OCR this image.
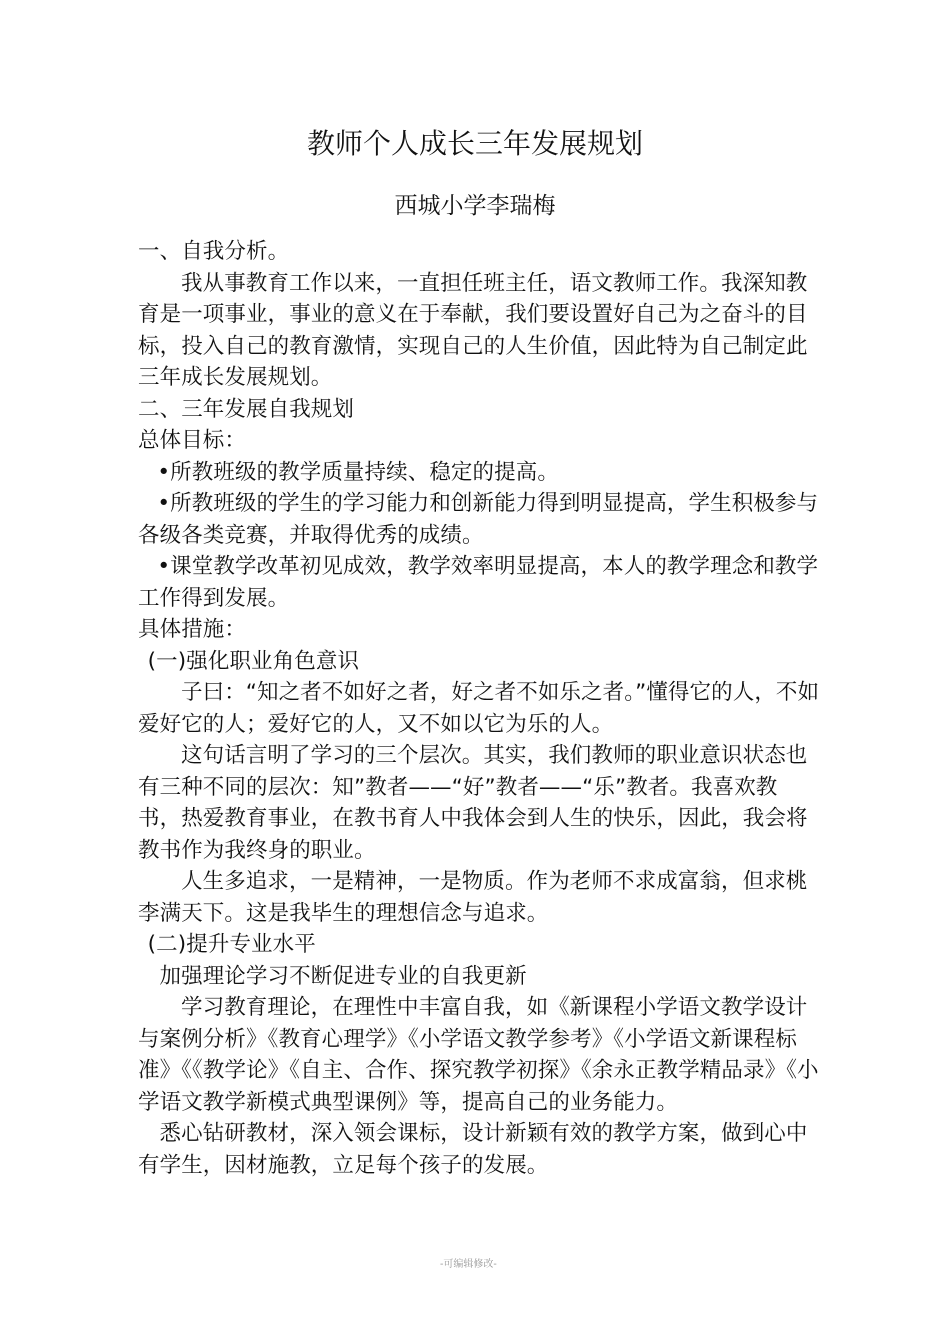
教师个人成长三年发展规划
西城小学李瑞梅

一、自我分析。

我从事教育工作以来，一直担任班主任，语文教师工作。我深知教育是一项事业，事业的意义在于奉献，我们要设置好自己为之奋斗的目标，投入自己的教育激情，实现自己的人生价值，因此特为自己制定此三年成长发展规划。

二、三年发展自我规划

总体目标：

•所教班级的教学质量持续、稳定的提高。

•所教班级的学生的学习能力和创新能力得到明显提高，学生积极参与各级各类竞赛，并取得优秀的成绩。

•课堂教学改革初见成效，教学效率明显提高，本人的教学理念和教学工作得到发展。

具体措施：

(一)强化职业角色意识

子曰：“知之者不如好之者，好之者不如乐之者。”懂得它的人，不如爱好它的人；爱好它的人，又不如以它为乐的人。

这句话言明了学习的三个层次。其实，我们教师的职业意识状态也有三种不同的层次：知”教者——“好”教者——“乐”教者。我喜欢教书，热爱教育事业，在教书育人中我体会到人生的快乐，因此，我会将教书作为我终身的职业。

人生多追求，一是精神，一是物质。作为老师不求成富翁，但求桃李满天下。这是我毕生的理想信念与追求。

(二)提升专业水平

加强理论学习不断促进专业的自我更新

学习教育理论，在理性中丰富自我，如《新课程小学语文教学设计与案例分析》《教育心理学》《小学语文教学参考》《小学语文新课程标准》《《教学论》《自主、合作、探究教学初探》《余永正教学精品录》《小学语文教学新模式典型课例》等，提高自己的业务能力。

悉心钻研教材，深入领会课标，设计新颖有效的教学方案，做到心中有学生，因材施教，立足每个孩子的发展。

-可编辑修改-
